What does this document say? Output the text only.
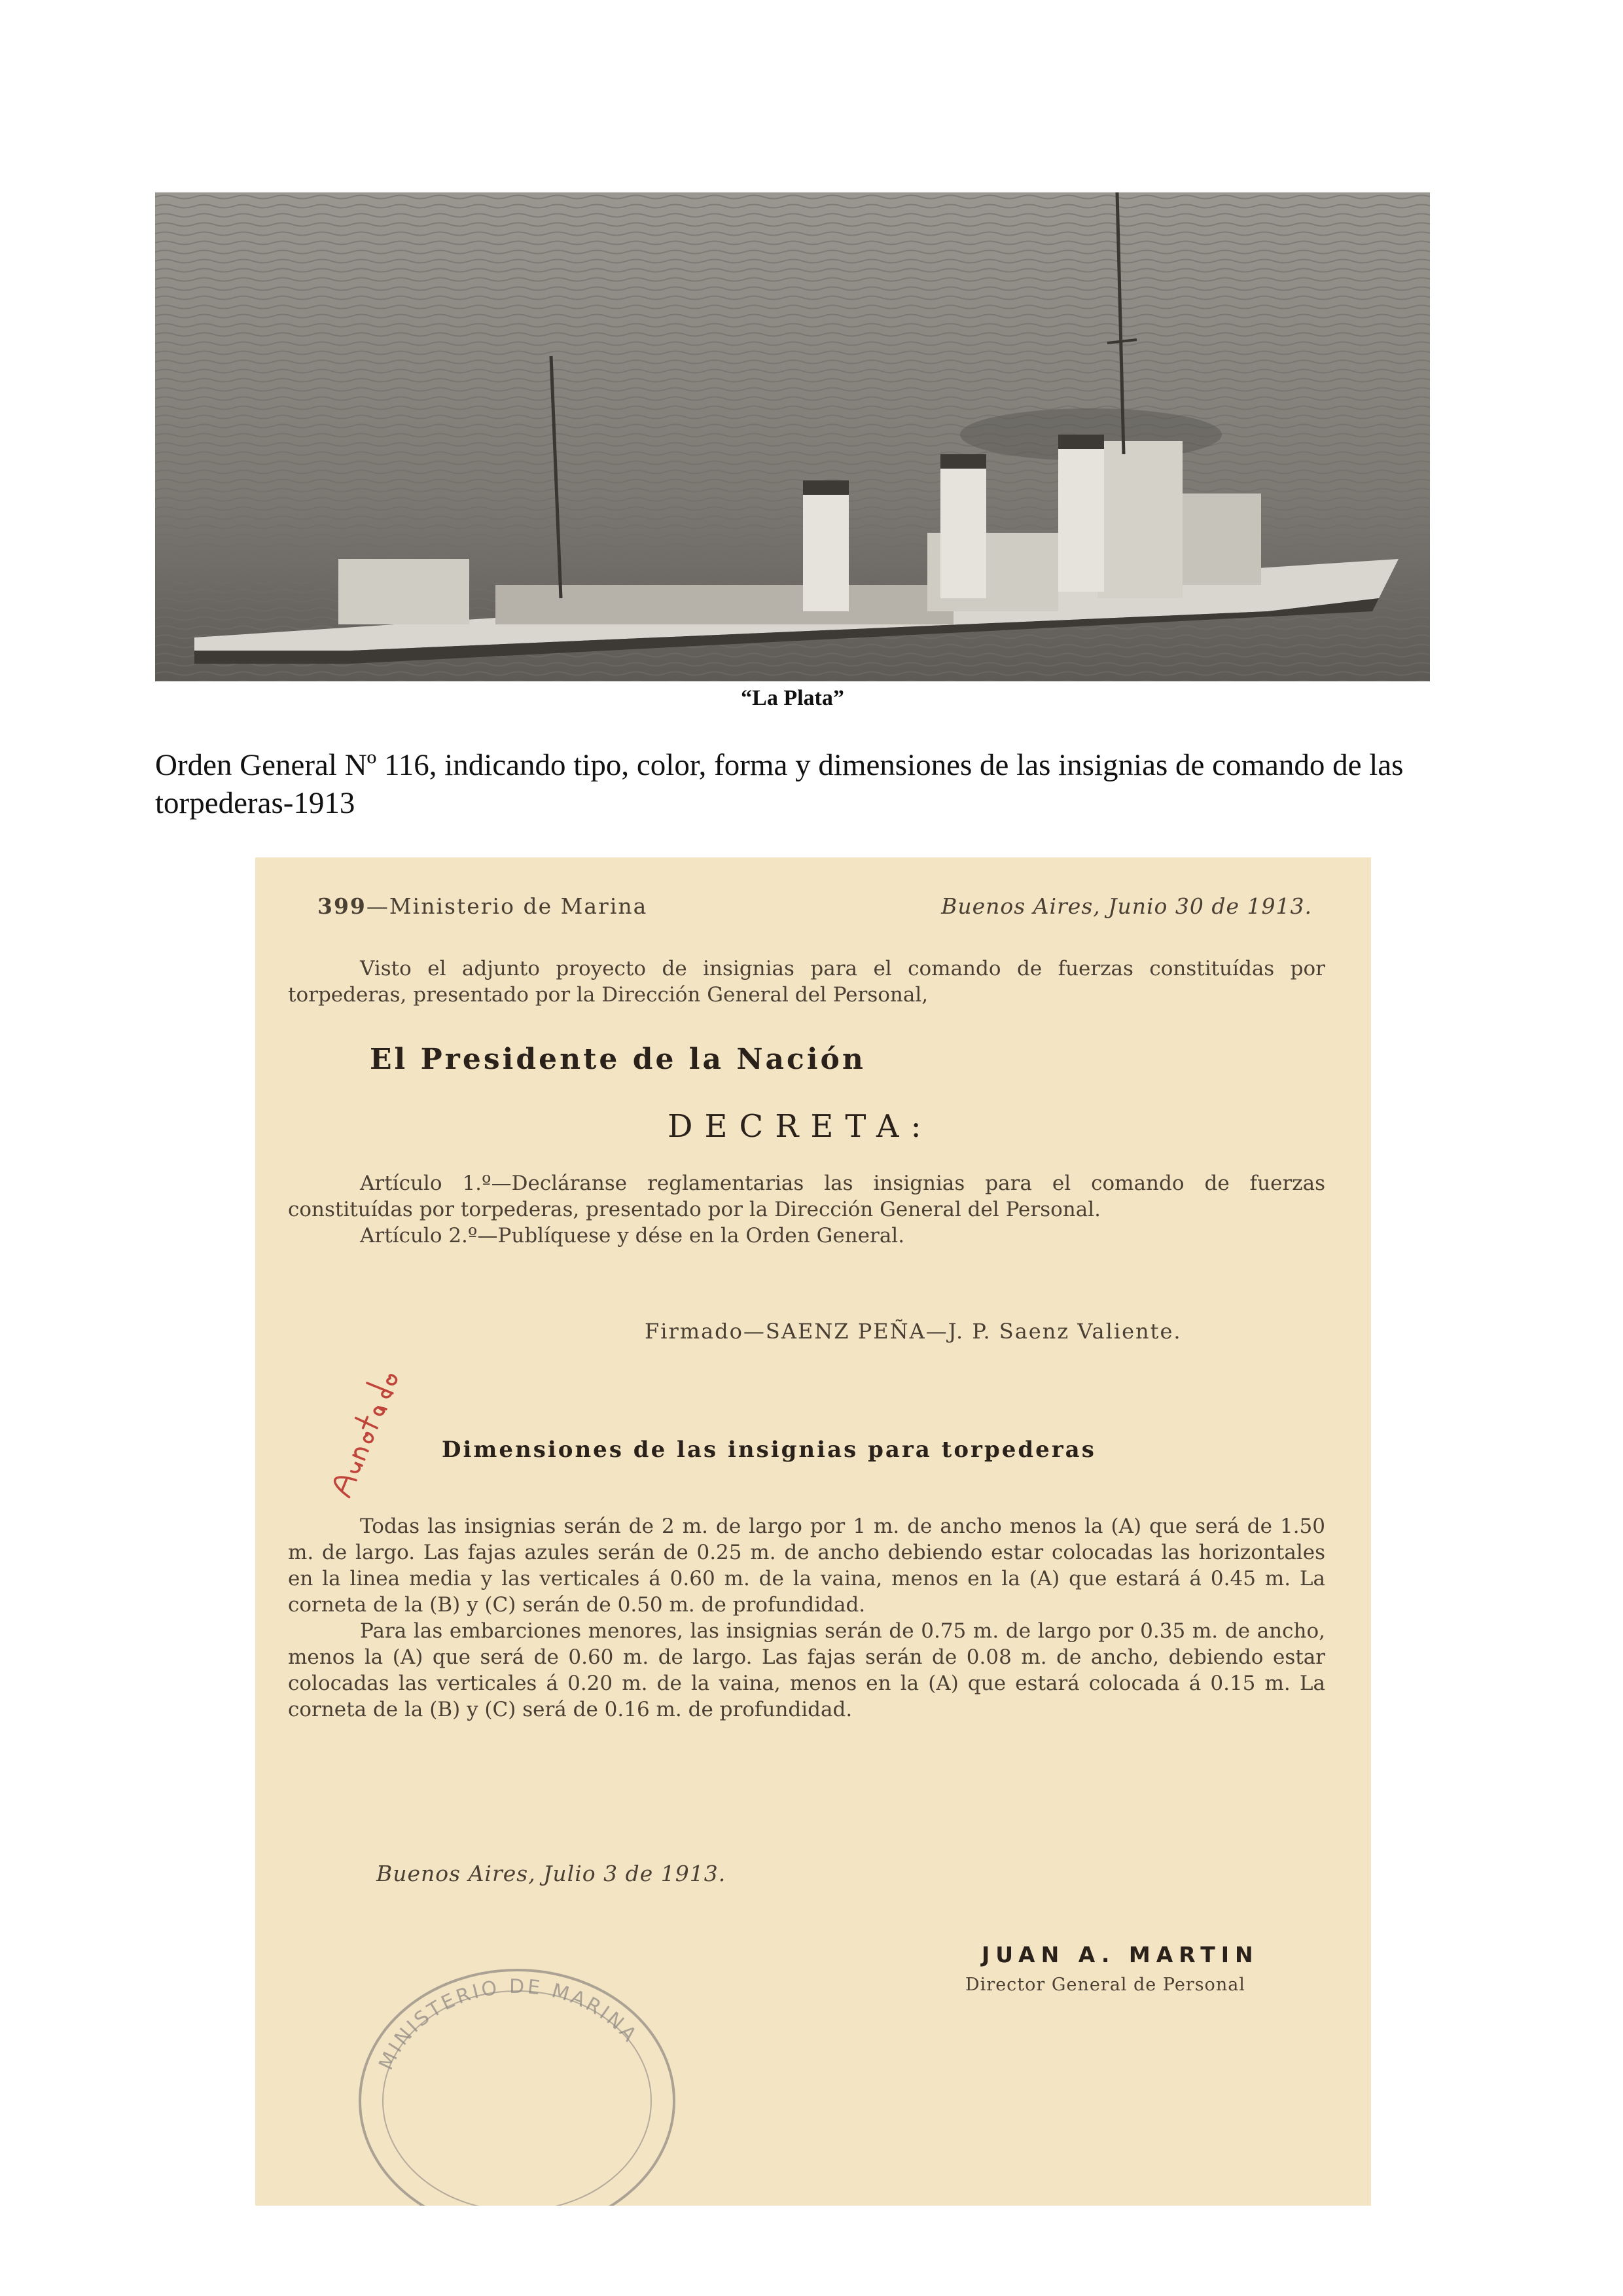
“La Plata”
Orden General Nº 116, indicando tipo, color, forma y dimensiones de las insignias de comando de las torpederas-1913
399—Ministerio de Marina	Buenos Aires, Junio 30 de 1913.

Visto el adjunto proyecto de insignias para el comando de fuerzas constituídas por torpederas, presentado por la Dirección General del Personal,

El Presidente de la Nación
DECRETA:

Artículo 1.º—Decláranse reglamentarias las insignias para el comando de fuerzas constituídas por torpederas, presentado por la Dirección General del Personal.

Artículo 2.º—Publíquese y dése en la Orden General.

Firmado—SAENZ PEÑA—J. P. Saenz Valiente.
Dimensiones de las insignias para torpederas

Todas las insignias serán de 2 m. de largo por 1 m. de ancho menos la (A) que será de 1.50 m. de largo. Las fajas azules serán de 0.25 m. de ancho debiendo estar colocadas las horizontales en la linea media y las verticales á 0.60 m. de la vaina, menos en la (A) que estará á 0.45 m. La corneta de la (B) y (C) serán de 0.50 m. de profundidad.

Para las embarciones menores, las insignias serán de 0.75 m. de largo por 0.35 m. de ancho, menos la (A) que será de 0.60 m. de largo. Las fajas serán de 0.08 m. de ancho, debiendo estar colocadas las verticales á 0.20 m. de la vaina, menos en la (A) que estará colocada á 0.15 m. La corneta de la (B) y (C) será de 0.16 m. de profundidad.

Buenos Aires, Julio 3 de 1913.
JUAN A. MARTIN
Director General de Personal
MINISTERIO DE MARINA
